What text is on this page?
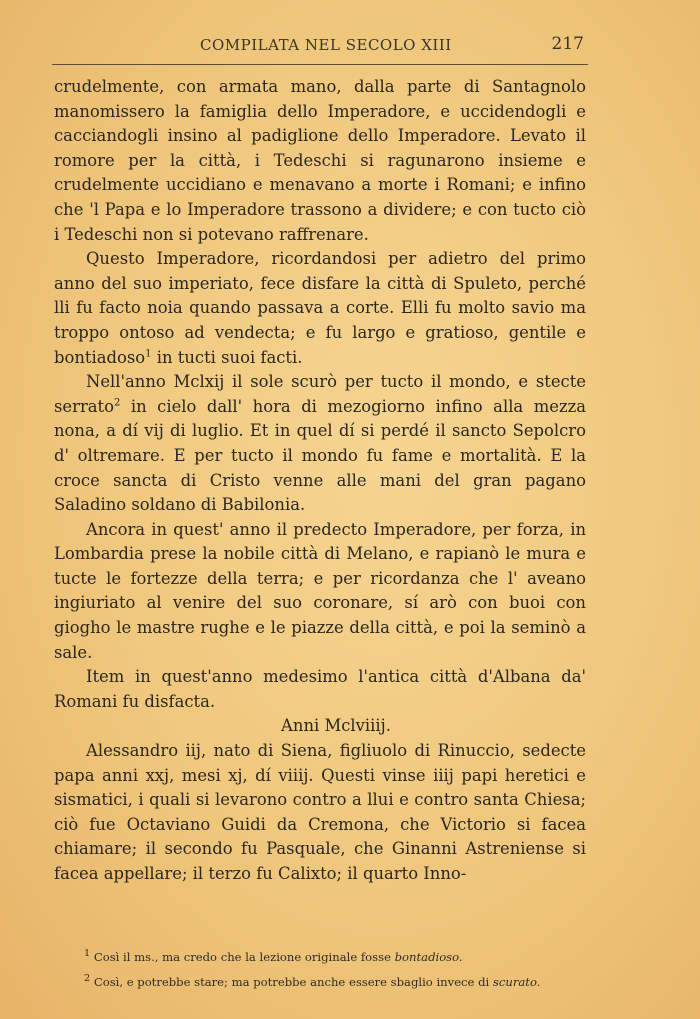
COMPILATA NEL SECOLO XIII	217

crudelmente, con armata mano, dalla parte di Santagnolo manomissero la famiglia dello Imperadore, e uccidendogli e cacciandogli insino al padiglione dello Imperadore. Levato il romore per la città, i Tedeschi si ragunarono insieme e crudelmente uccidiano e menavano a morte i Romani; e infino che 'l Papa e lo Imperadore trassono a dividere; e con tucto ciò i Tedeschi non si potevano raffrenare.

Questo Imperadore, ricordandosi per adietro del primo anno del suo imperiato, fece disfare la città di Spuleto, perché lli fu facto noia quando passava a corte. Elli fu molto savio ma troppo ontoso ad vendecta; e fu largo e gratioso, gentile e bontiadoso$^1$ in tucti suoi facti.

Nell'anno Mclxij il sole scurò per tucto il mondo, e stecte serrato$^2$ in cielo dall' hora di mezogiorno infino alla mezza nona, a dí vij di luglio. Et in quel dí si perdé il sancto Sepolcro d' oltremare. E per tucto il mondo fu fame e mortalità. E la croce sancta di Cristo venne alle mani del gran pagano Saladino soldano di Babilonia.

Ancora in quest' anno il predecto Imperadore, per forza, in Lombardia prese la nobile città di Melano, e rapianò le mura e tucte le fortezze della terra; e per ricordanza che l' aveano ingiuriato al venire del suo coronare, sí arò con buoi con giogho le mastre rughe e le piazze della città, e poi la seminò a sale.

Item in quest'anno medesimo l'antica città d'Albana da' Romani fu disfacta.

Anni Mclviiij.

Alessandro iij, nato di Siena, figliuolo di Rinuccio, sedecte papa anni xxj, mesi xj, dí viiij. Questi vinse iiij papi heretici e sismatici, i quali si levarono contro a llui e contro santa Chiesa; ciò fue Octaviano Guidi da Cremona, che Victorio si facea chiamare; il secondo fu Pasquale, che Ginanni Astreniense si facea appellare; il terzo fu Calixto; il quarto Inno-

$^1$ Così il ms., ma credo che la lezione originale fosse bontadioso.
$^2$ Così, e potrebbe stare; ma potrebbe anche essere sbaglio invece di scurato.
